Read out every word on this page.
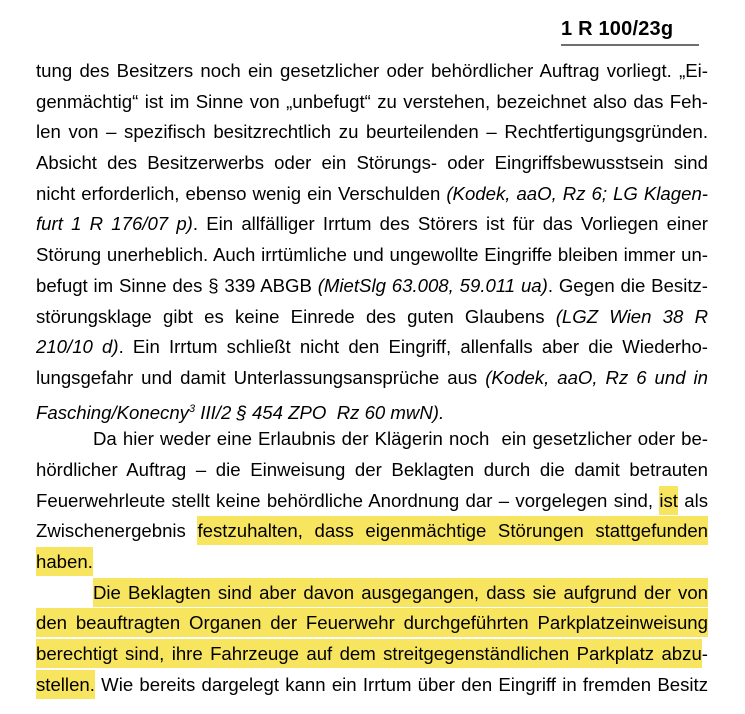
1 R 100/23g
tung des Besitzers noch ein gesetzlicher oder behördlicher Auftrag vorliegt. „Ei-
genmächtig“ ist im Sinne von „unbefugt“ zu verstehen, bezeichnet also das Feh-
len von – spezifisch besitzrechtlich zu beurteilenden – Rechtfertigungsgründen.
Absicht des Besitzerwerbs oder ein Störungs- oder Eingriffsbewusstsein sind
nicht erforderlich, ebenso wenig ein Verschulden (Kodek, aaO, Rz 6; LG Klagen-
furt 1 R 176/07 p). Ein allfälliger Irrtum des Störers ist für das Vorliegen einer
Störung unerheblich. Auch irrtümliche und ungewollte Eingriffe bleiben immer un-
befugt im Sinne des § 339 ABGB (MietSlg 63.008, 59.011 ua). Gegen die Besitz-
störungsklage gibt es keine Einrede des guten Glaubens (LGZ Wien 38 R
210/10 d). Ein Irrtum schließt nicht den Eingriff, allenfalls aber die Wiederho-
lungsgefahr und damit Unterlassungsansprüche aus (Kodek, aaO, Rz 6 und in
Fasching/Konecny$^3$ III/2 § 454 ZPO  Rz 60 mwN).
Da hier weder eine Erlaubnis der Klägerin noch  ein gesetzlicher oder be-
hördlicher Auftrag – die Einweisung der Beklagten durch die damit betrauten
Feuerwehrleute stellt keine behördliche Anordnung dar – vorgelegen sind, ist als
Zwischenergebnis festzuhalten, dass eigenmächtige Störungen stattgefunden
haben.
Die Beklagten sind aber davon ausgegangen, dass sie aufgrund der von
den beauftragten Organen der Feuerwehr durchgeführten Parkplatzeinweisung
berechtigt sind, ihre Fahrzeuge auf dem streitgegenständlichen Parkplatz abzu-
stellen. Wie bereits dargelegt kann ein Irrtum über den Eingriff in fremden Besitz
